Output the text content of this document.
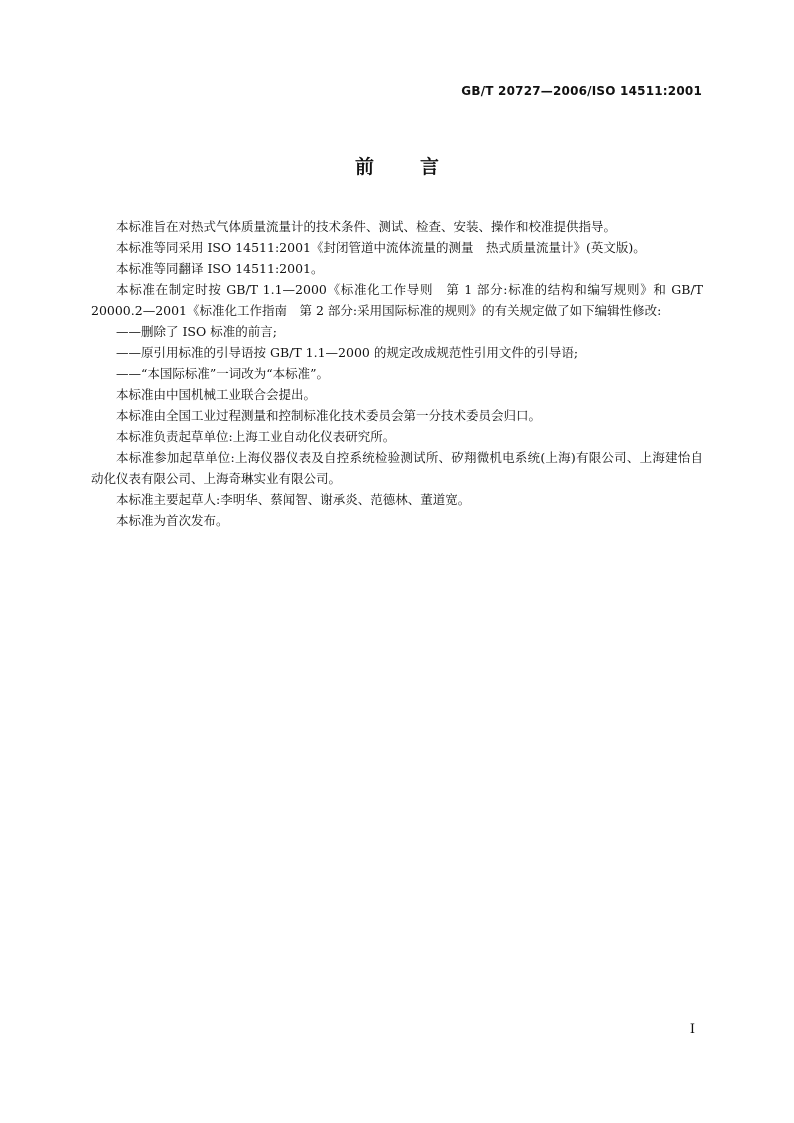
GB/T 20727—2006/ISO 14511:2001
前言

本标准旨在对热式气体质量流量计的技术条件、测试、检查、安装、操作和校准提供指导。

本标准等同采用 ISO 14511:2001《封闭管道中流体流量的测量　热式质量流量计》(英文版)。

本标准等同翻译 ISO 14511:2001。

本标准在制定时按 GB/T 1.1—2000《标准化工作导则　第 1 部分:标准的结构和编写规则》和 GB/T 20000.2—2001《标准化工作指南　第 2 部分:采用国际标准的规则》的有关规定做了如下编辑性修改:

——删除了 ISO 标准的前言;

——原引用标准的引导语按 GB/T 1.1—2000 的规定改成规范性引用文件的引导语;

——“本国际标准”一词改为“本标准”。

本标准由中国机械工业联合会提出。

本标准由全国工业过程测量和控制标准化技术委员会第一分技术委员会归口。

本标准负责起草单位:上海工业自动化仪表研究所。

本标准参加起草单位:上海仪器仪表及自控系统检验测试所、矽翔微机电系统(上海)有限公司、上海建怡自动化仪表有限公司、上海奇琳实业有限公司。

本标准主要起草人:李明华、蔡闻智、谢承炎、范德林、董道宽。

本标准为首次发布。

I
